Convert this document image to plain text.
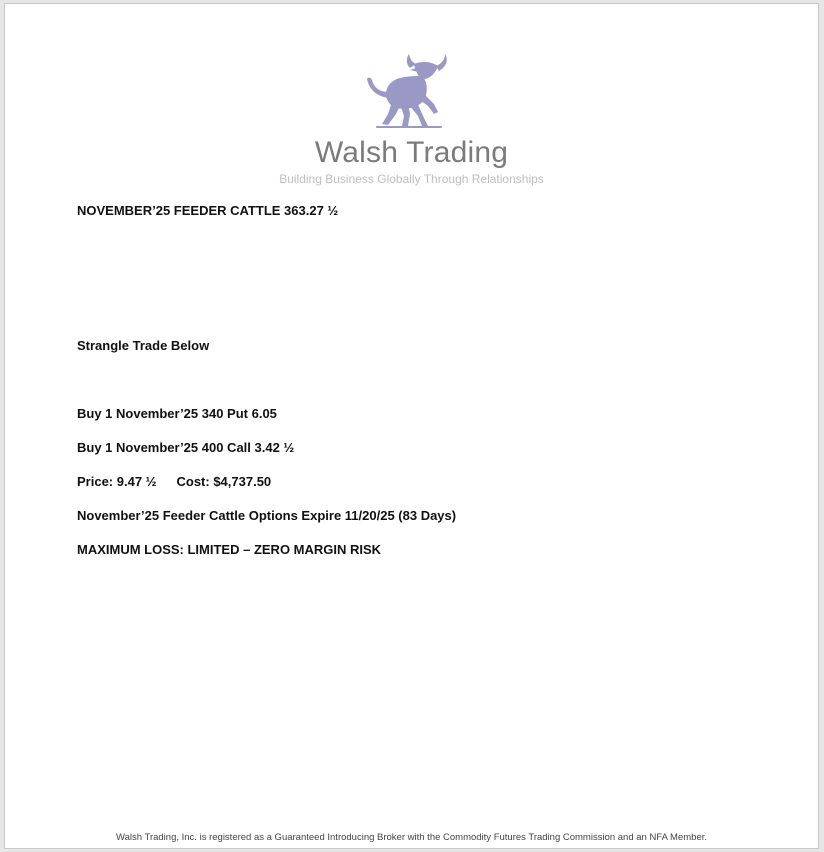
Walsh Trading
Building Business Globally Through Relationships
NOVEMBER’25 FEEDER CATTLE 363.27 ½
Strangle Trade Below
Buy 1 November’25 340 Put 6.05
Buy 1 November’25 400 Call 3.42 ½
Price: 9.47 ½ Cost: $4,737.50
November’25 Feeder Cattle Options Expire 11/20/25 (83 Days)
MAXIMUM LOSS: LIMITED – ZERO MARGIN RISK
Walsh Trading, Inc. is registered as a Guaranteed Introducing Broker with the Commodity Futures Trading Commission and an NFA Member.
